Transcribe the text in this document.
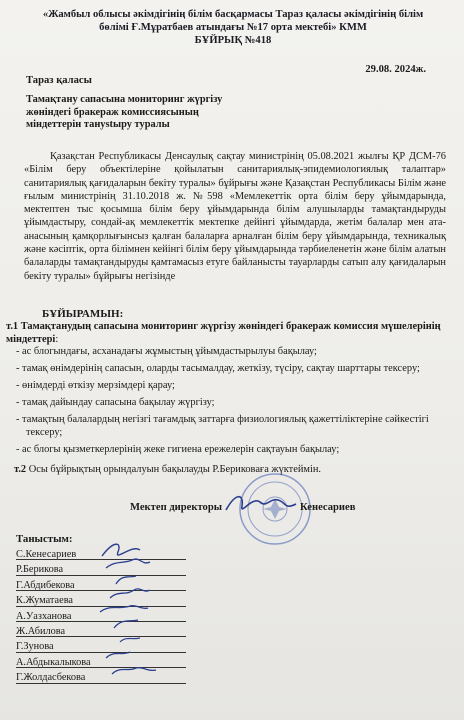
«Жамбыл облысы әкімдігінің білім басқармасы Тараз қаласы әкімдігінің білім
бөлімі Ғ.Мұратбаев атындағы №17 орта мектебі» КММ
БҰЙРЫҚ №418
29.08. 2024ж.
Тараз қаласы
Тамақтану сапасына мониторинг жүргізу жөніндегі бракераж комиссиясының міндеттерін танystыру туралы
Қазақстан Республикасы Денсаулық сақтау министрінің 05.08.2021 жылғы ҚР ДСМ-76 «Білім беру объектілеріне қойылатын санитариялық-эпидемиологиялық талаптар» санитариялық қағидаларын бекіту туралы» бұйрығы және Қазақстан Республикасы Білім және ғылым министрінің 31.10.2018 ж. №598 «Мемлекеттік орта білім беру ұйымдарында, мектептен тыс қосымша білім беру ұйымдарында білім алушыларды тамақтандыруды ұйымдастыру, сондай-ақ мемлекеттік мектепке дейінгі ұйымдарда, жетім балалар мен ата-анасының қамқорлығынсыз қалған балаларға арналған білім беру ұйымдарында, техникалық және кәсіптік, орта білімнен кейінгі білім беру ұйымдарында тәрбиеленетін және білім алатын балаларды тамақтандыруды қамтамасыз етуге байланысты тауарларды сатып алу қағидаларын бекіту туралы» бұйрығы негізінде
БҰЙЫРАМЫН:
т.1 Тамақтанудың сапасына мониторинг жүргізу жөніндегі бракераж комиссия мүшелерінің міндеттері:
- ас блогындағы, асханадағы жұмыстың ұйымдастырылуы бақылау;
- тамақ өнімдерінің сапасын, оларды тасымалдау, жеткізу, түсіру, сақтау шарттары тексеру;
- өнімдерді өткізу мерзімдері қарау;
- тамақ дайындау сапасына бақылау жүргізу;
- тамақтың балалардың негізгі тағамдық заттарға физиологиялық қажеттіліктеріне сәйкестігі тексеру;
- ас блогы қызметкерлерінің жеке гигиена ережелерін сақтауын бақылау;
т.2 Осы бұйрықтың орындалуын бақылауды Р.Бериковаға жүктеймін.
Мектеп директоры	Кенесариев
Таныстым:
С.Кенесариев
Р.Берикова
Г.Абдибекова
К.Жуматаева
А.Уазханова
Ж.Абилова
Г.Зунова
А.Абдыкалыкова
Г.Жолдасбекова
